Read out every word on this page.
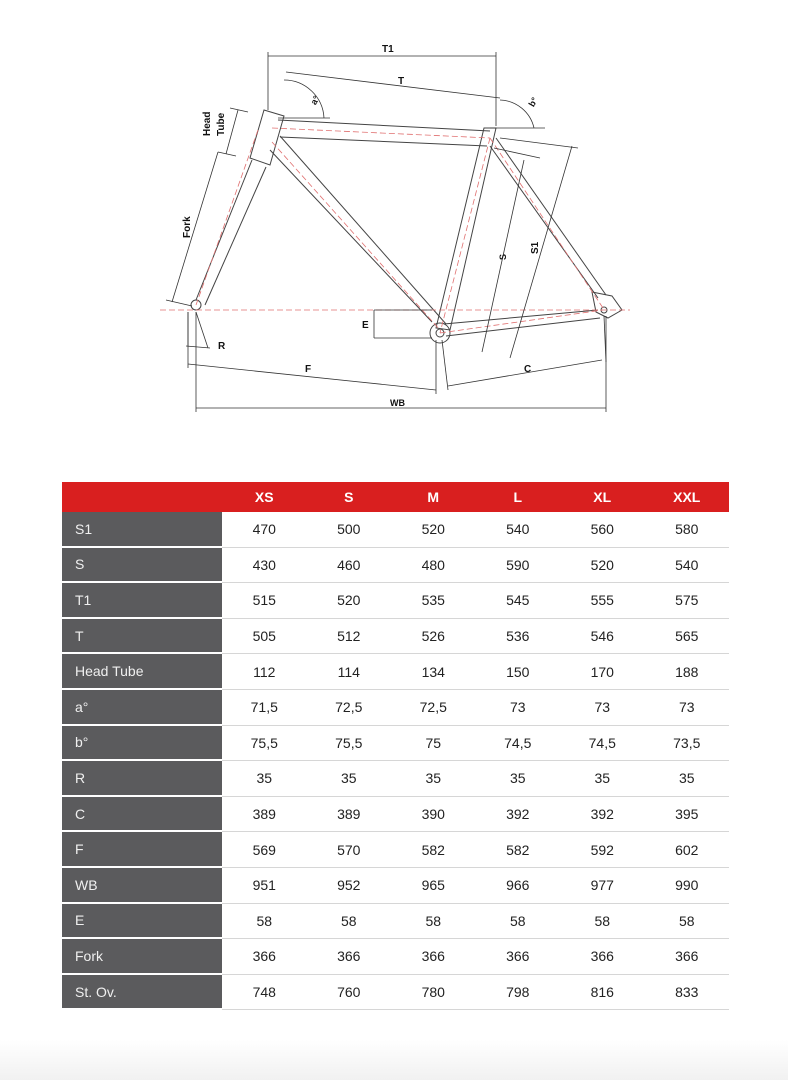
T1
T
a°	b°
Head Tube
Fork
S
S1
E
R
F	C
WB
	XS	S	M	L	XL	XXL
S1	470	500	520	540	560	580
S	430	460	480	590	520	540
T1	515	520	535	545	555	575
T	505	512	526	536	546	565
Head Tube	112	114	134	150	170	188
a°	71,5	72,5	72,5	73	73	73
b°	75,5	75,5	75	74,5	74,5	73,5
R	35	35	35	35	35	35
C	389	389	390	392	392	395
F	569	570	582	582	592	602
WB	951	952	965	966	977	990
E	58	58	58	58	58	58
Fork	366	366	366	366	366	366
St. Ov.	748	760	780	798	816	833
